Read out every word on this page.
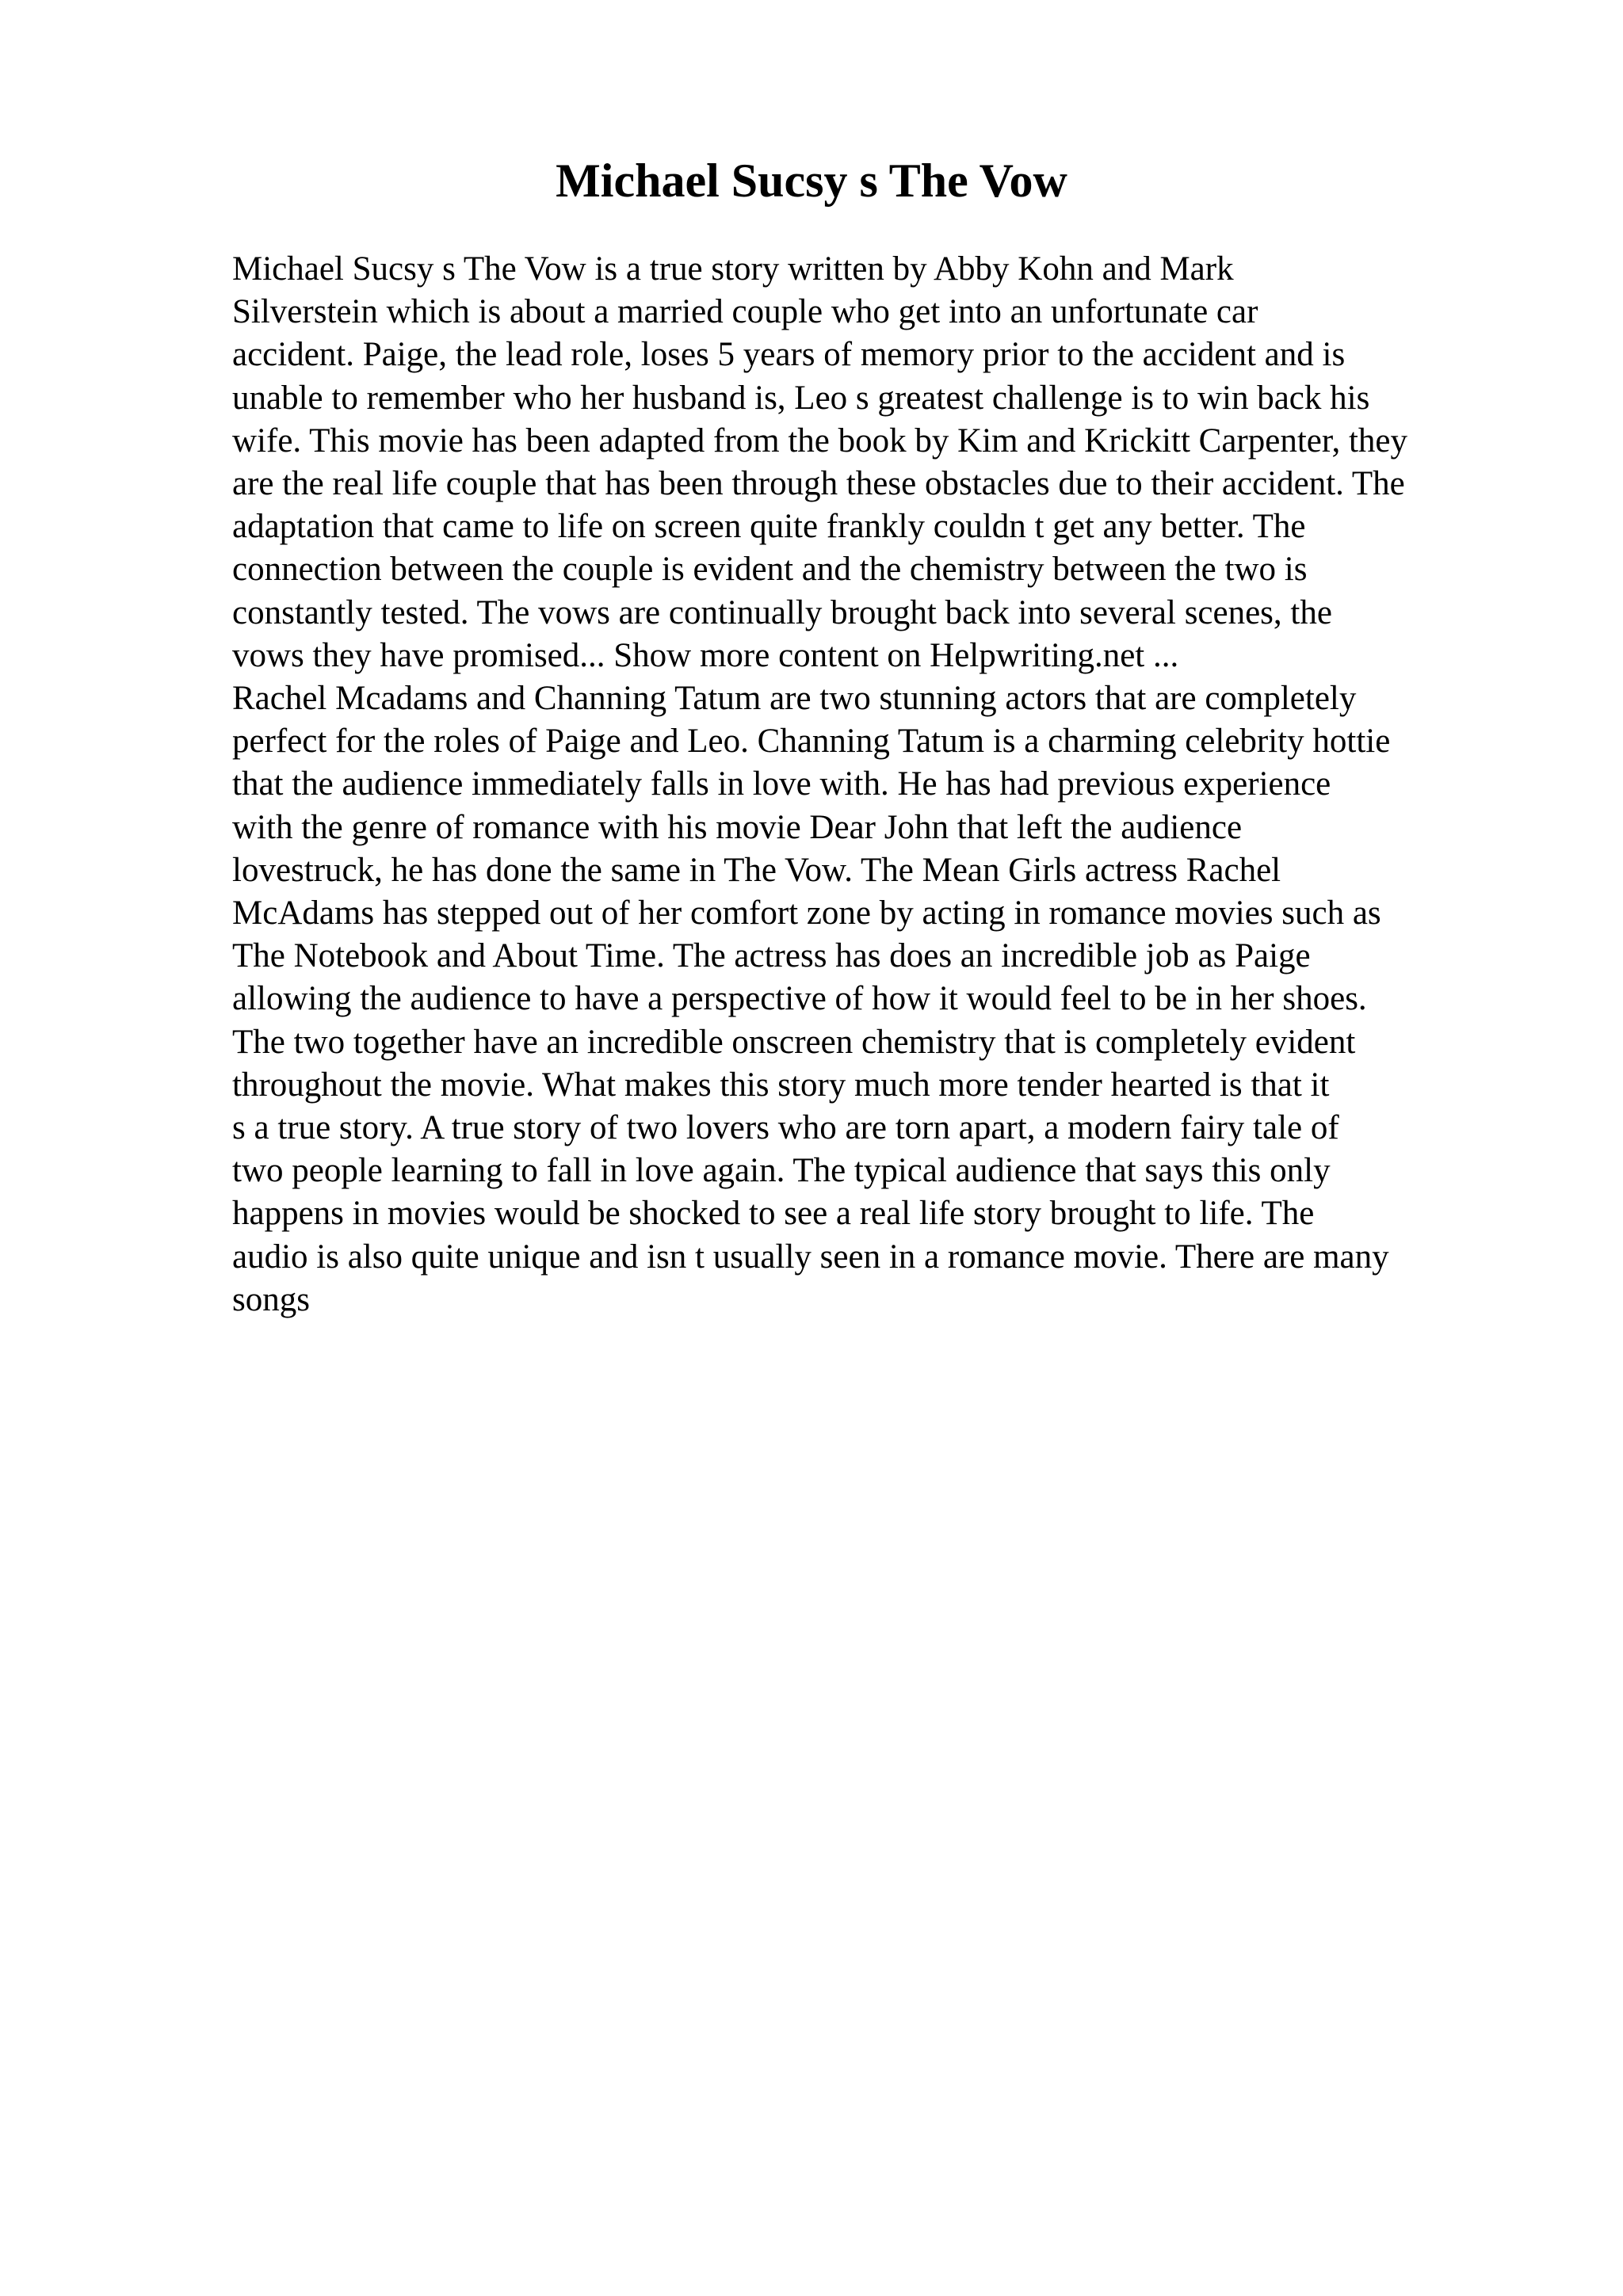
Michael Sucsy s The Vow
Michael Sucsy s The Vow is a true story written by Abby Kohn and Mark
Silverstein which is about a married couple who get into an unfortunate car
accident. Paige, the lead role, loses 5 years of memory prior to the accident and is
unable to remember who her husband is, Leo s greatest challenge is to win back his
wife. This movie has been adapted from the book by Kim and Krickitt Carpenter, they
are the real life couple that has been through these obstacles due to their accident. The
adaptation that came to life on screen quite frankly couldn t get any better. The
connection between the couple is evident and the chemistry between the two is
constantly tested. The vows are continually brought back into several scenes, the
vows they have promised... Show more content on Helpwriting.net ...
Rachel Mcadams and Channing Tatum are two stunning actors that are completely
perfect for the roles of Paige and Leo. Channing Tatum is a charming celebrity hottie
that the audience immediately falls in love with. He has had previous experience
with the genre of romance with his movie Dear John that left the audience
lovestruck, he has done the same in The Vow. The Mean Girls actress Rachel
McAdams has stepped out of her comfort zone by acting in romance movies such as
The Notebook and About Time. The actress has does an incredible job as Paige
allowing the audience to have a perspective of how it would feel to be in her shoes.
The two together have an incredible onscreen chemistry that is completely evident
throughout the movie. What makes this story much more tender hearted is that it
s a true story. A true story of two lovers who are torn apart, a modern fairy tale of
two people learning to fall in love again. The typical audience that says this only
happens in movies would be shocked to see a real life story brought to life. The
audio is also quite unique and isn t usually seen in a romance movie. There are many
songs
